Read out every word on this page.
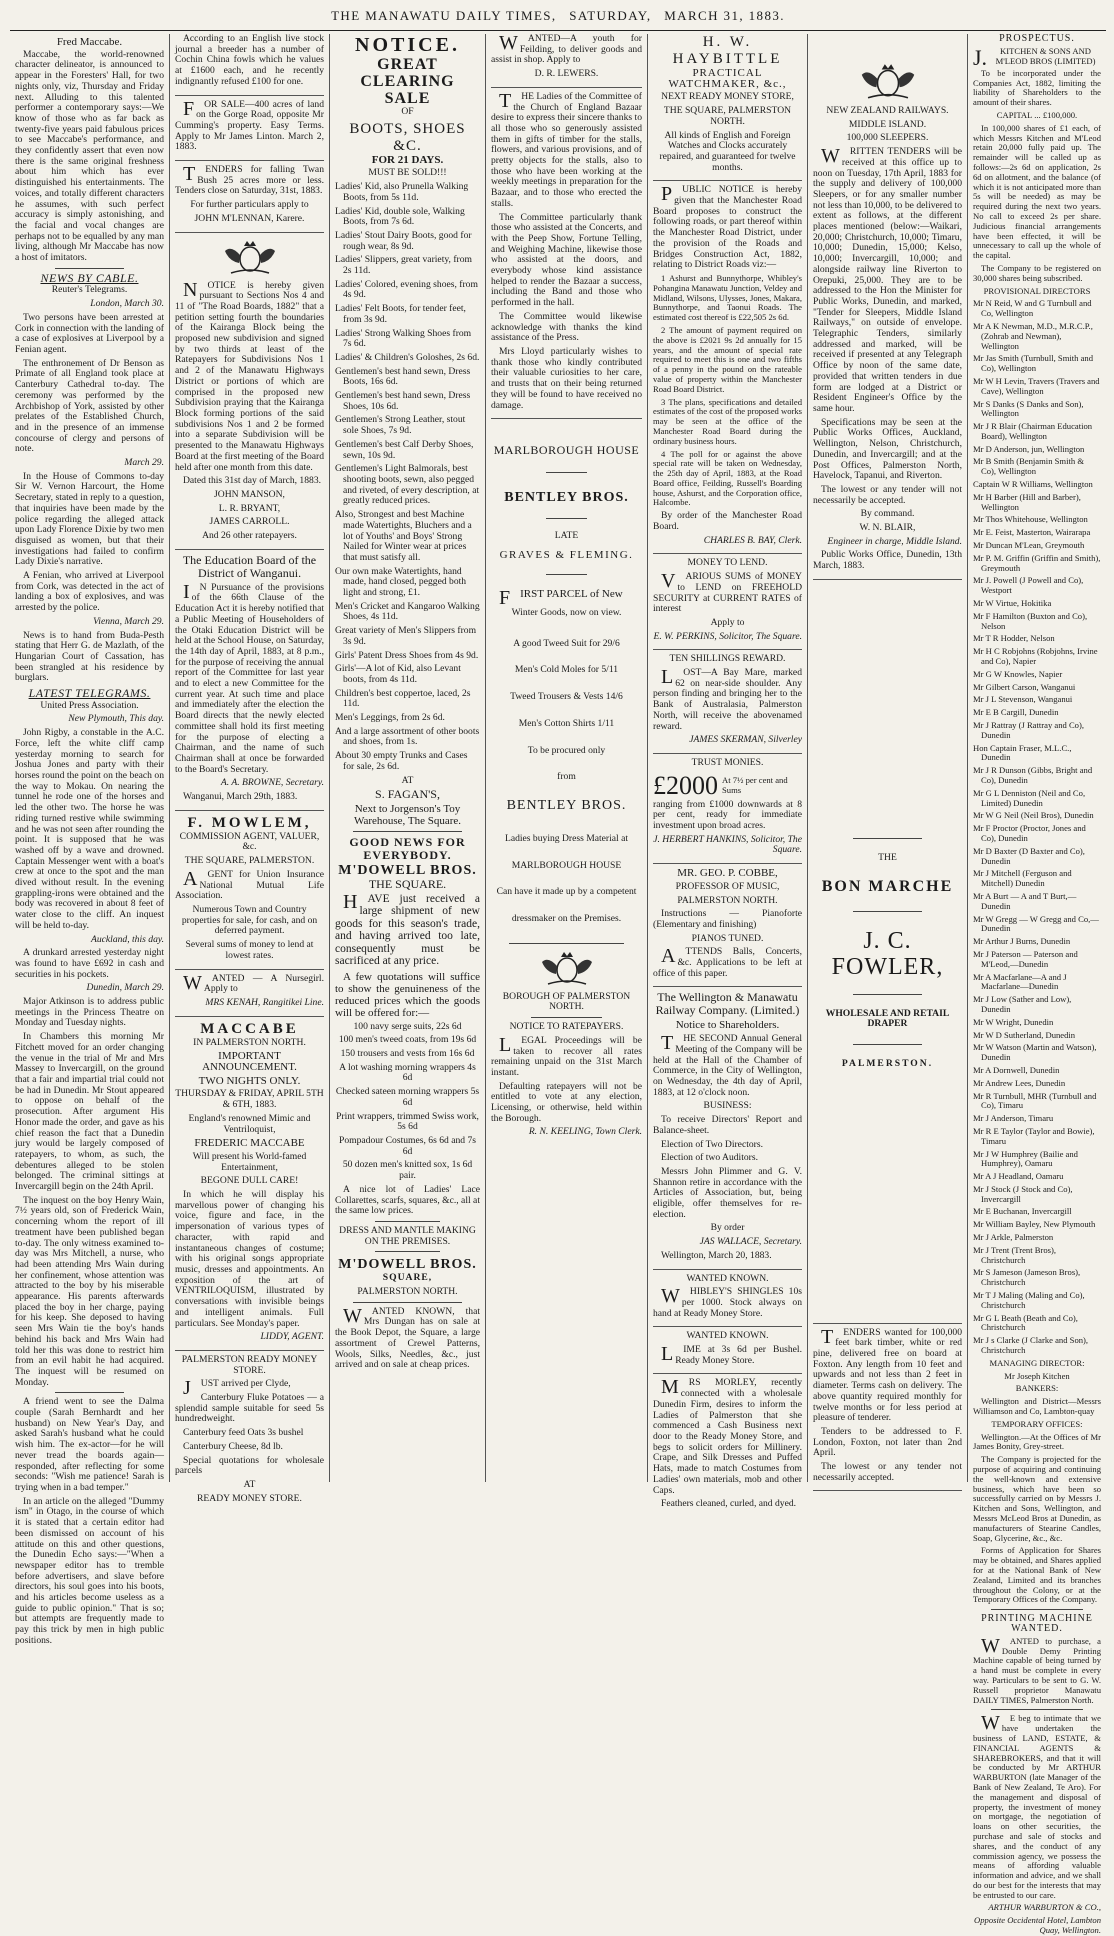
THE MANAWATU DAILY TIMES, SATURDAY, MARCH 31, 1883.
Fred Maccabe.

Maccabe, the world-renowned character delineator, is announced to appear in the Foresters' Hall, for two nights only, viz, Thursday and Friday next. Alluding to this talented performer a contemporary says:—We know of those who as far back as twenty-five years paid fabulous prices to see Maccabe's performance, and they confidently assert that even now there is the same original freshness about him which has ever distinguished his entertainments. The voices, and totally different characters he assumes, with such perfect accuracy is simply astonishing, and the facial and vocal changes are perhaps not to be equalled by any man living, although Mr Maccabe has now a host of imitators.

NEWS BY CABLE.

Reuter's Telegrams.

London, March 30.

Two persons have been arrested at Cork in connection with the landing of a case of explosives at Liverpool by a Fenian agent.

The enthronement of Dr Benson as Primate of all England took place at Canterbury Cathedral to-day. The ceremony was performed by the Archbishop of York, assisted by other prelates of the Established Church, and in the presence of an immense concourse of clergy and persons of note.

March 29.

In the House of Commons to-day Sir W. Vernon Harcourt, the Home Secretary, stated in reply to a question, that inquiries have been made by the police regarding the alleged attack upon Lady Florence Dixie by two men disguised as women, but that their investigations had failed to confirm Lady Dixie's narrative.

A Fenian, who arrived at Liverpool from Cork, was detected in the act of landing a box of explosives, and was arrested by the police.

Vienna, March 29.

News is to hand from Buda-Pesth stating that Herr G. de Mazlath, of the Hungarian Court of Cassation, has been strangled at his residence by burglars.

LATEST TELEGRAMS.

United Press Association.

New Plymouth, This day.

John Rigby, a constable in the A.C. Force, left the white cliff camp yesterday morning to search for Joshua Jones and party with their horses round the point on the beach on the way to Mokau. On nearing the tunnel he rode one of the horses and led the other two. The horse he was riding turned restive while swimming and he was not seen after rounding the point. It is supposed that he was washed off by a wave and drowned. Captain Messenger went with a boat's crew at once to the spot and the man dived without result. In the evening grappling-irons were obtained and the body was recovered in about 8 feet of water close to the cliff. An inquest will be held to-day.

Auckland, this day.

A drunkard arrested yesterday night was found to have £692 in cash and securities in his pockets.

Dunedin, March 29.

Major Atkinson is to address public meetings in the Princess Theatre on Monday and Tuesday nights.

In Chambers this morning Mr Fitchett moved for an order changing the venue in the trial of Mr and Mrs Massey to Invercargill, on the ground that a fair and impartial trial could not be had in Dunedin. Mr Stout appeared to oppose on behalf of the prosecution. After argument His Honor made the order, and gave as his chief reason the fact that a Dunedin jury would be largely composed of ratepayers, to whom, as such, the debentures alleged to be stolen belonged. The criminal sittings at Invercargill begin on the 24th April.

The inquest on the boy Henry Wain, 7½ years old, son of Frederick Wain, concerning whom the report of ill treatment have been published began to-day. The only witness examined to-day was Mrs Mitchell, a nurse, who had been attending Mrs Wain during her confinement, whose attention was attracted to the boy by his miserable appearance. His parents afterwards placed the boy in her charge, paying for his keep. She deposed to having seen Mrs Wain tie the boy's hands behind his back and Mrs Wain had told her this was done to restrict him from an evil habit he had acquired. The inquest will be resumed on Monday.

A friend went to see the Dalma couple (Sarah Bernhardt and her husband) on New Year's Day, and asked Sarah's husband what he could wish him. The ex-actor—for he will never tread the boards again—responded, after reflecting for some seconds: "Wish me patience! Sarah is trying when in a bad temper."

In an article on the alleged "Dummy ism" in Otago, in the course of which it is stated that a certain editor had been dismissed on account of his attitude on this and other questions, the Dunedin Echo says:—"When a newspaper editor has to tremble before advertisers, and slave before directors, his soul goes into his boots, and his articles become useless as a guide to public opinion." That is so; but attempts are frequently made to pay this trick by men in high public positions.

According to an English live stock journal a breeder has a number of Cochin China fowls which he values at £1600 each, and he recently indignantly refused £100 for one.

FOR SALE—400 acres of land on the Gorge Road, opposite Mr Cumming's property. Easy Terms. Apply to Mr James Linton. March 2, 1883.

TENDERS for falling Twan Bush 25 acres more or less. Tenders close on Saturday, 31st, 1883.

For further particulars apply to

JOHN M'LENNAN, Karere.

NOTICE is hereby given pursuant to Sections Nos 4 and 11 of "The Road Boards, 1882" that a petition setting fourth the boundaries of the Kairanga Block being the proposed new subdivision and signed by two thirds at least of the Ratepayers for Subdivisions Nos 1 and 2 of the Manawatu Highways District or portions of which are comprised in the proposed new Subdivision praying that the Kairanga Block forming portions of the said subdivisions Nos 1 and 2 be formed into a separate Subdivision will be presented to the Manawatu Highways Board at the first meeting of the Board held after one month from this date.

Dated this 31st day of March, 1883.

JOHN MANSON,

L. R. BRYANT,

JAMES CARROLL.

And 26 other ratepayers.

The Education Board of the District of Wanganui.

IN Pursuance of the provisions of the 66th Clause of the Education Act it is hereby notified that a Public Meeting of Householders of the Otaki Education District will be held at the School House, on Saturday, the 14th day of April, 1883, at 8 p.m., for the purpose of receiving the annual report of the Committee for last year and to elect a new Committee for the current year. At such time and place and immediately after the election the Board directs that the newly elected committee shall hold its first meeting for the purpose of electing a Chairman, and the name of such Chairman shall at once be forwarded to the Board's Secretary.

A. A. BROWNE, Secretary.

Wanganui, March 29th, 1883.

F. MOWLEM,

COMMISSION AGENT, VALUER, &c.

THE SQUARE, PALMERSTON.

AGENT for Union Insurance National Mutual Life Association.

Numerous Town and Country properties for sale, for cash, and on deferred payment.

Several sums of money to lend at lowest rates.

WANTED — A Nursegirl. Apply to

MRS KENAH, Rangitikei Line.

MACCABE

IN PALMERSTON NORTH.

IMPORTANT ANNOUNCEMENT.

TWO NIGHTS ONLY.

THURSDAY & FRIDAY, APRIL 5TH & 6TH, 1883.

England's renowned Mimic and Ventriloquist,

FREDERIC MACCABE

Will present his World-famed Entertainment,

BEGONE DULL CARE!

In which he will display his marvellous power of changing his voice, figure and face, in the impersonation of various types of character, with rapid and instantaneous changes of costume; with his original songs appropriate music, dresses and appointments. An exposition of the art of VENTRILOQUISM, illustrated by conversations with invisible beings and intelligent animals. Full particulars. See Monday's paper.

LIDDY, AGENT.

PALMERSTON READY MONEY STORE.

JUST arrived per Clyde,

Canterbury Fluke Potatoes — a splendid sample suitable for seed 5s hundredweight.

Canterbury feed Oats 3s bushel

Canterbury Cheese, 8d lb.

Special quotations for wholesale parcels

AT

READY MONEY STORE.

NOTICE.
GREAT CLEARING SALE

OF

BOOTS, SHOES &C.

FOR 21 DAYS.

MUST BE SOLD!!!

Ladies' Kid, also Prunella Walking Boots, from 5s 11d.

Ladies' Kid, double sole, Walking Boots, from 7s 6d.

Ladies' Stout Dairy Boots, good for rough wear, 8s 9d.

Ladies' Slippers, great variety, from 2s 11d.

Ladies' Colored, evening shoes, from 4s 9d.

Ladies' Felt Boots, for tender feet, from 3s 9d.

Ladies' Strong Walking Shoes from 7s 6d.

Ladies' & Children's Goloshes, 2s 6d.

Gentlemen's best hand sewn, Dress Boots, 16s 6d.

Gentlemen's best hand sewn, Dress Shoes, 10s 6d.

Gentlemen's Strong Leather, stout sole Shoes, 7s 9d.

Gentlemen's best Calf Derby Shoes, sewn, 10s 9d.

Gentlemen's Light Balmorals, best shooting boots, sewn, also pegged and riveted, of every description, at greatly reduced prices.

Also, Strongest and best Machine made Watertights, Bluchers and a lot of Youths' and Boys' Strong Nailed for Winter wear at prices that must satisfy all.

Our own make Watertights, hand made, hand closed, pegged both light and strong, £1.

Men's Cricket and Kangaroo Walking Shoes, 4s 11d.

Great variety of Men's Slippers from 3s 9d.

Girls' Patent Dress Shoes from 4s 9d.

Girls'—A lot of Kid, also Levant boots, from 4s 11d.

Children's best coppertoe, laced, 2s 11d.

Men's Leggings, from 2s 6d.

And a large assortment of other boots and shoes, from 1s.

About 30 empty Trunks and Cases for sale, 2s 6d.

AT

S. FAGAN'S,

Next to Jorgenson's Toy Warehouse, The Square.

GOOD NEWS FOR EVERYBODY.
M'DOWELL BROS.

THE SQUARE.

HAVE just received a large shipment of new goods for this season's trade, and having arrived too late, consequently must be sacrificed at any price.

A few quotations will suffice to show the genuineness of the reduced prices which the goods will be offered for:—

100 navy serge suits, 22s 6d

100 men's tweed coats, from 19s 6d

150 trousers and vests from 16s 6d

A lot washing morning wrappers 4s 6d

Checked sateen morning wrappers 5s 6d

Print wrappers, trimmed Swiss work, 5s 6d

Pompadour Costumes, 6s 6d and 7s 6d

50 dozen men's knitted sox, 1s 6d pair.

A nice lot of Ladies' Lace Collarettes, scarfs, squares, &c., all at the same low prices.

DRESS AND MANTLE MAKING ON THE PREMISES.

M'DOWELL BROS.

SQUARE,

PALMERSTON NORTH.

WANTED KNOWN, that Mrs Dungan has on sale at the Book Depot, the Square, a large assortment of Crewel Patterns, Wools, Silks, Needles, &c., just arrived and on sale at cheap prices.

WANTED—A youth for Feilding, to deliver goods and assist in shop. Apply to

D. R. LEWERS.

THE Ladies of the Committee of the Church of England Bazaar desire to express their sincere thanks to all those who so generously assisted them in gifts of timber for the stalls, flowers, and various provisions, and of pretty objects for the stalls, also to those who have been working at the weekly meetings in preparation for the Bazaar, and to those who erected the stalls.

The Committee particularly thank those who assisted at the Concerts, and with the Peep Show, Fortune Telling, and Weighing Machine, likewise those who assisted at the doors, and everybody whose kind assistance helped to render the Bazaar a success, including the Band and those who performed in the hall.

The Committee would likewise acknowledge with thanks the kind assistance of the Press.

Mrs Lloyd particularly wishes to thank those who kindly contributed their valuable curiosities to her care, and trusts that on their being returned they will be found to have received no damage.

MARLBOROUGH HOUSE

BENTLEY BROS.

LATE

GRAVES & FLEMING.

FIRST PARCEL of New

Winter Goods, now on view.

A good Tweed Suit for 29/6

Men's Cold Moles for 5/11

Tweed Trousers & Vests 14/6

Men's Cotton Shirts 1/11

To be procured only

from

BENTLEY BROS.

Ladies buying Dress Material at

MARLBOROUGH HOUSE

Can have it made up by a competent

dressmaker on the Premises.

BOROUGH OF PALMERSTON NORTH.

NOTICE TO RATEPAYERS.

LEGAL Proceedings will be taken to recover all rates remaining unpaid on the 31st March instant.

Defaulting ratepayers will not be entitled to vote at any election, Licensing, or otherwise, held within the Borough.

R. N. KEELING, Town Clerk.

H. W. HAYBITTLE

PRACTICAL WATCHMAKER, &c.,

NEXT READY MONEY STORE,

THE SQUARE, PALMERSTON NORTH.

All kinds of English and Foreign Watches and Clocks accurately repaired, and guaranteed for twelve months.

PUBLIC NOTICE is hereby given that the Manchester Road Board proposes to construct the following roads, or part thereof within the Manchester Road District, under the provision of the Roads and Bridges Construction Act, 1882, relating to District Roads viz:—

1 Ashurst and Bunnythorpe, Whibley's Pohangina Manawatu Junction, Veldey and Midland, Wilsons, Ulysses, Jones, Makara, Bunnythorpe, and Taonui Roads. The estimated cost thereof is £22,505 2s 6d.

2 The amount of payment required on the above is £2021 9s 2d annually for 15 years, and the amount of special rate required to meet this is one and two fifths of a penny in the pound on the rateable value of property within the Manchester Road Board District.

3 The plans, specifications and detailed estimates of the cost of the proposed works may be seen at the office of the Manchester Road Board during the ordinary business hours.

4 The poll for or against the above special rate will be taken on Wednesday, the 25th day of April, 1883, at the Road Board office, Feilding, Russell's Boarding house, Ashurst, and the Corporation office, Halcombe.

By order of the Manchester Road Board.

CHARLES B. BAY, Clerk.

MONEY TO LEND.

VARIOUS SUMS of MONEY to LEND on FREEHOLD SECURITY at CURRENT RATES of interest

Apply to

E. W. PERKINS, Solicitor, The Square.

TEN SHILLINGS REWARD.

LOST—A Bay Mare, marked 62 on near-side shoulder. Any person finding and bringing her to the Bank of Australasia, Palmerston North, will receive the abovenamed reward.

JAMES SKERMAN, Silverley

TRUST MONIES.

£2000 At 7½ per cent and Sums

ranging from £1000 downwards at 8 per cent, ready for immediate investment upon broad acres.

J. HERBERT HANKINS, Solicitor, The Square.

MR. GEO. P. COBBE,

PROFESSOR OF MUSIC,

PALMERSTON NORTH.

Instructions — Pianoforte (Elementary and finishing)

PIANOS TUNED.

ATTENDS Balls, Concerts, &c. Applications to be left at office of this paper.

The Wellington & Manawatu Railway Company. (Limited.)

Notice to Shareholders.

THE SECOND Annual General Meeting of the Company will be held at the Hall of the Chamber of Commerce, in the City of Wellington, on Wednesday, the 4th day of April, 1883, at 12 o'clock noon.

BUSINESS:

To receive Directors' Report and Balance-sheet.

Election of Two Directors.

Election of two Auditors.

Messrs John Plimmer and G. V. Shannon retire in accordance with the Articles of Association, but, being eligible, offer themselves for re-election.

By order

JAS WALLACE, Secretary.

Wellington, March 20, 1883.

WANTED KNOWN.

WHIBLEY'S SHINGLES 10s per 1000. Stock always on hand at Ready Money Store.

WANTED KNOWN.

LIME at 3s 6d per Bushel. Ready Money Store.

MRS MORLEY, recently connected with a wholesale Dunedin Firm, desires to inform the Ladies of Palmerston that she commenced a Cash Business next door to the Ready Money Store, and begs to solicit orders for Millinery. Crape, and Silk Dresses and Puffed Hats, made to match Costumes from Ladies' own materials, mob and other Caps.

Feathers cleaned, curled, and dyed.

NEW ZEALAND RAILWAYS.

MIDDLE ISLAND.

100,000 SLEEPERS.

WRITTEN TENDERS will be received at this office up to noon on Tuesday, 17th April, 1883 for the supply and delivery of 100,000 Sleepers, or for any smaller number not less than 10,000, to be delivered to extent as follows, at the different places mentioned (below:—Waikari, 20,000; Christchurch, 10,000; Timaru, 10,000; Dunedin, 15,000; Kelso, 10,000; Invercargill, 10,000; and alongside railway line Riverton to Orepuki, 25,000. They are to be addressed to the Hon the Minister for Public Works, Dunedin, and marked, "Tender for Sleepers, Middle Island Railways," on outside of envelope. Telegraphic Tenders, similarly addressed and marked, will be received if presented at any Telegraph Office by noon of the same date, provided that written tenders in due form are lodged at a District or Resident Engineer's Office by the same hour.

Specifications may be seen at the Public Works Offices, Auckland, Wellington, Nelson, Christchurch, Dunedin, and Invercargill; and at the Post Offices, Palmerston North, Havelock, Tapanui, and Riverton.

The lowest or any tender will not necessarily be accepted.

By command.

W. N. BLAIR,

Engineer in charge, Middle Island.

Public Works Office, Dunedin, 13th March, 1883.

THE

BON MARCHE
J. C. FOWLER,

WHOLESALE AND RETAIL DRAPER

PALMERSTON.

TENDERS wanted for 100,000 feet bark timber, white or red pine, delivered free on board at Foxton. Any length from 10 feet and upwards and not less than 2 feet in diameter. Terms cash on delivery. The above quantity required monthly for twelve months or for less period at pleasure of tenderer.

Tenders to be addressed to F. London, Foxton, not later than 2nd April.

The lowest or any tender not necessarily accepted.

PROSPECTUS.

J.	KITCHEN & SONS AND M'LEOD BROS (LIMITED)

To be incorporated under the Companies Act, 1882, limiting the liability of Shareholders to the amount of their shares.

CAPITAL ... £100,000.

In 100,000 shares of £1 each, of which Messrs Kitchen and M'Leod retain 20,000 fully paid up. The remainder will be called up as follows:—2s 6d on application, 2s 6d on allotment, and the balance (of which it is not anticipated more than 5s will be needed) as may be required during the next two years. No call to exceed 2s per share. Judicious financial arrangements have been effected, it will be unnecessary to call up the whole of the capital.

The Company to be registered on 30,000 shares being subscribed.

PROVISIONAL DIRECTORS

Mr N Reid, W and G Turnbull and Co, Wellington

Mr A K Newman, M.D., M.R.C.P., (Zohrab and Newman), Wellington

Mr Jas Smith (Turnbull, Smith and Co), Wellington

Mr W H Levin, Travers (Travers and Cave), Wellington

Mr S Danks (S Danks and Son), Wellington

Mr J R Blair (Chairman Education Board), Wellington

Mr D Anderson, jun, Wellington

Mr B Smith (Benjamin Smith & Co), Wellington

Captain W R Williams, Wellington

Mr H Barber (Hill and Barber), Wellington

Mr Thos Whitehouse, Wellington

Mr E. Feist, Masterton, Wairarapa

Mr Duncan M'Lean, Greymouth

Mr P. M. Griffin (Griffin and Smith), Greymouth

Mr J. Powell (J Powell and Co), Westport

Mr W Virtue, Hokitika

Mr F Hamilton (Buxton and Co), Nelson

Mr T R Hodder, Nelson

Mr H C Robjohns (Robjohns, Irvine and Co), Napier

Mr G W Knowles, Napier

Mr Gilbert Carson, Wanganui

Mr J L Stevenson, Wanganui

Mr E B Cargill, Dunedin

Mr J Rattray (J Rattray and Co), Dunedin

Hon Captain Fraser, M.L.C., Dunedin

Mr J R Dunson (Gibbs, Bright and Co), Dunedin

Mr G L Denniston (Neil and Co, Limited) Dunedin

Mr W G Neil (Neil Bros), Dunedin

Mr F Proctor (Proctor, Jones and Co), Dunedin

Mr D Baxter (D Baxter and Co), Dunedin

Mr J Mitchell (Ferguson and Mitchell) Dunedin

Mr A Burt — A and T Burt,—Dunedin

Mr W Gregg — W Gregg and Co,—Dunedin

Mr Arthur J Burns, Dunedin

Mr J Paterson — Paterson and M'Leod,—Dunedin

Mr A Macfarlane—A and J Macfarlane—Dunedin

Mr J Low (Sather and Low), Dunedin

Mr W Wright, Dunedin

Mr W D Sutherland, Dunedin

Mr W Watson (Martin and Watson), Dunedin

Mr A Dornwell, Dunedin

Mr Andrew Lees, Dunedin

Mr R Turnbull, MHR (Turnbull and Co), Timaru

Mr J Anderson, Timaru

Mr R E Taylor (Taylor and Bowie), Timaru

Mr J W Humphrey (Bailie and Humphrey), Oamaru

Mr A J Headland, Oamaru

Mr J Stock (J Stock and Co), Invercargill

Mr E Buchanan, Invercargill

Mr William Bayley, New Plymouth

Mr J Arkle, Palmerston

Mr J Trent (Trent Bros), Christchurch

Mr S Jameson (Jameson Bros), Christchurch

Mr T J Maling (Maling and Co), Christchurch

Mr G L Beath (Beath and Co), Christchurch

Mr J s Clarke (J Clarke and Son), Christchurch

MANAGING DIRECTOR:

Mr Joseph Kitchen

BANKERS:

Wellington and District—Messrs Williamson and Co, Lambton-quay

TEMPORARY OFFICES:

Wellington.—At the Offices of Mr James Bonity, Grey-street.

The Company is projected for the purpose of acquiring and continuing the well-known and extensive business, which have been so successfully carried on by Messrs J. Kitchen and Sons, Wellington, and Messrs McLeod Bros at Dunedin, as manufacturers of Stearine Candles, Soap, Glycerine, &c., &c.

Forms of Application for Shares may be obtained, and Shares applied for at the National Bank of New Zealand, Limited and its branches throughout the Colony, or at the Temporary Offices of the Company.

PRINTING MACHINE WANTED.

WANTED to purchase, a Double Demy Printing Machine capable of being turned by a hand must be complete in every way. Particulars to be sent to G. W. Russell proprietor Manawatu DAILY TIMES, Palmerston North.

WE beg to intimate that we have undertaken the business of LAND, ESTATE, & FINANCIAL AGENTS & SHAREBROKERS, and that it will be conducted by Mr ARTHUR WARBURTON (late Manager of the Bank of New Zealand, Te Aro). For the management and disposal of property, the investment of money on mortgage, the negotiation of loans on other securities, the purchase and sale of stocks and shares, and the conduct of any commission agency, we possess the means of affording valuable information and advice, and we shall do our best for the interests that may be entrusted to our care.

ARTHUR WARBURTON & CO.,

Opposite Occidental Hotel, Lambton Quay, Wellington.
